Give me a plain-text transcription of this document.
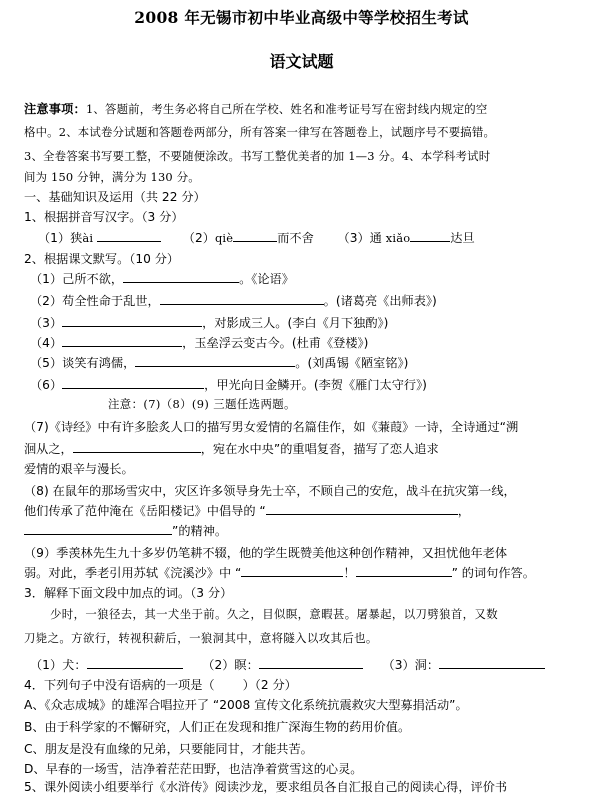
2008 年无锡市初中毕业高级中等学校招生考试
语文试题
注意事项：1、答题前，考生务必将自己所在学校、姓名和准考证号写在密封线内规定的空
格中。2、本试卷分试题和答题卷两部分，所有答案一律写在答题卷上，试题序号不要搞错。
3、全卷答案书写要工整，不要随便涂改。书写工整优美者的加 1—3 分。4、本学科考试时
间为 150 分钟，满分为 130 分。
一、基础知识及运用（共 22 分）
1、根据拼音写汉字。（3 分）
（1）狭ài	（2）qiè	而不舍 （3）通 xiǎo	达旦
2、根据课文默写。（10 分）
（1）己所不欲，	。《论语》
（2）苟全性命于乱世，	。(诸葛亮《出师表》)
（3）	，对影成三人。(李白《月下独酌》)
（4）	，玉垒浮云变古今。(杜甫《登楼》)
（5）谈笑有鸿儒，	。(刘禹锡《陋室铭》)
（6）	，甲光向日金鳞开。(李贺《雁门太守行》)
注意：(7)（8）(9) 三题任选两题。
（7)《诗经》中有许多脍炙人口的描写男女爱情的名篇佳作，如《蒹葭》一诗，全诗通过“溯
洄从之，	，宛在水中央”的重唱复沓，描写了恋人追求
爱情的艰辛与漫长。
（8) 在鼠年的那场雪灾中，灾区许多领导身先士卒，不顾自己的安危，战斗在抗灾第一线，
他们传承了范仲淹在《岳阳楼记》中倡导的 “	，
”的精神。
（9）季羡林先生九十多岁仍笔耕不辍，他的学生既赞美他这种创作精神，又担忧他年老体
弱。对此，季老引用苏轼《浣溪沙》中 “	！	” 的词句作答。
3．解释下面文段中加点的词。（3 分）
少时，一狼径去，其一犬坐于前。久之，目似瞑，意暇甚。屠暴起，以刀劈狼首，又数
刀毙之。方欲行，转视积薪后，一狼洞其中，意将隧入以攻其后也。
（1）犬：	（2）瞑：	（3）洞：
4．下列句子中没有语病的一项是（ ）（2 分）
A、《众志成城》的雄浑合唱拉开了 “2008 宣传文化系统抗震救灾大型募捐活动”。
B、由于科学家的不懈研究，人们正在发现和推广深海生物的药用价值。
C、朋友是没有血缘的兄弟，只要能同甘，才能共苦。
D、早春的一场雪，洁净着茫茫田野，也洁净着赏雪这的心灵。
5、课外阅读小组要举行《水浒传》阅读沙龙，要求组员各自汇报自己的阅读心得，评价书
